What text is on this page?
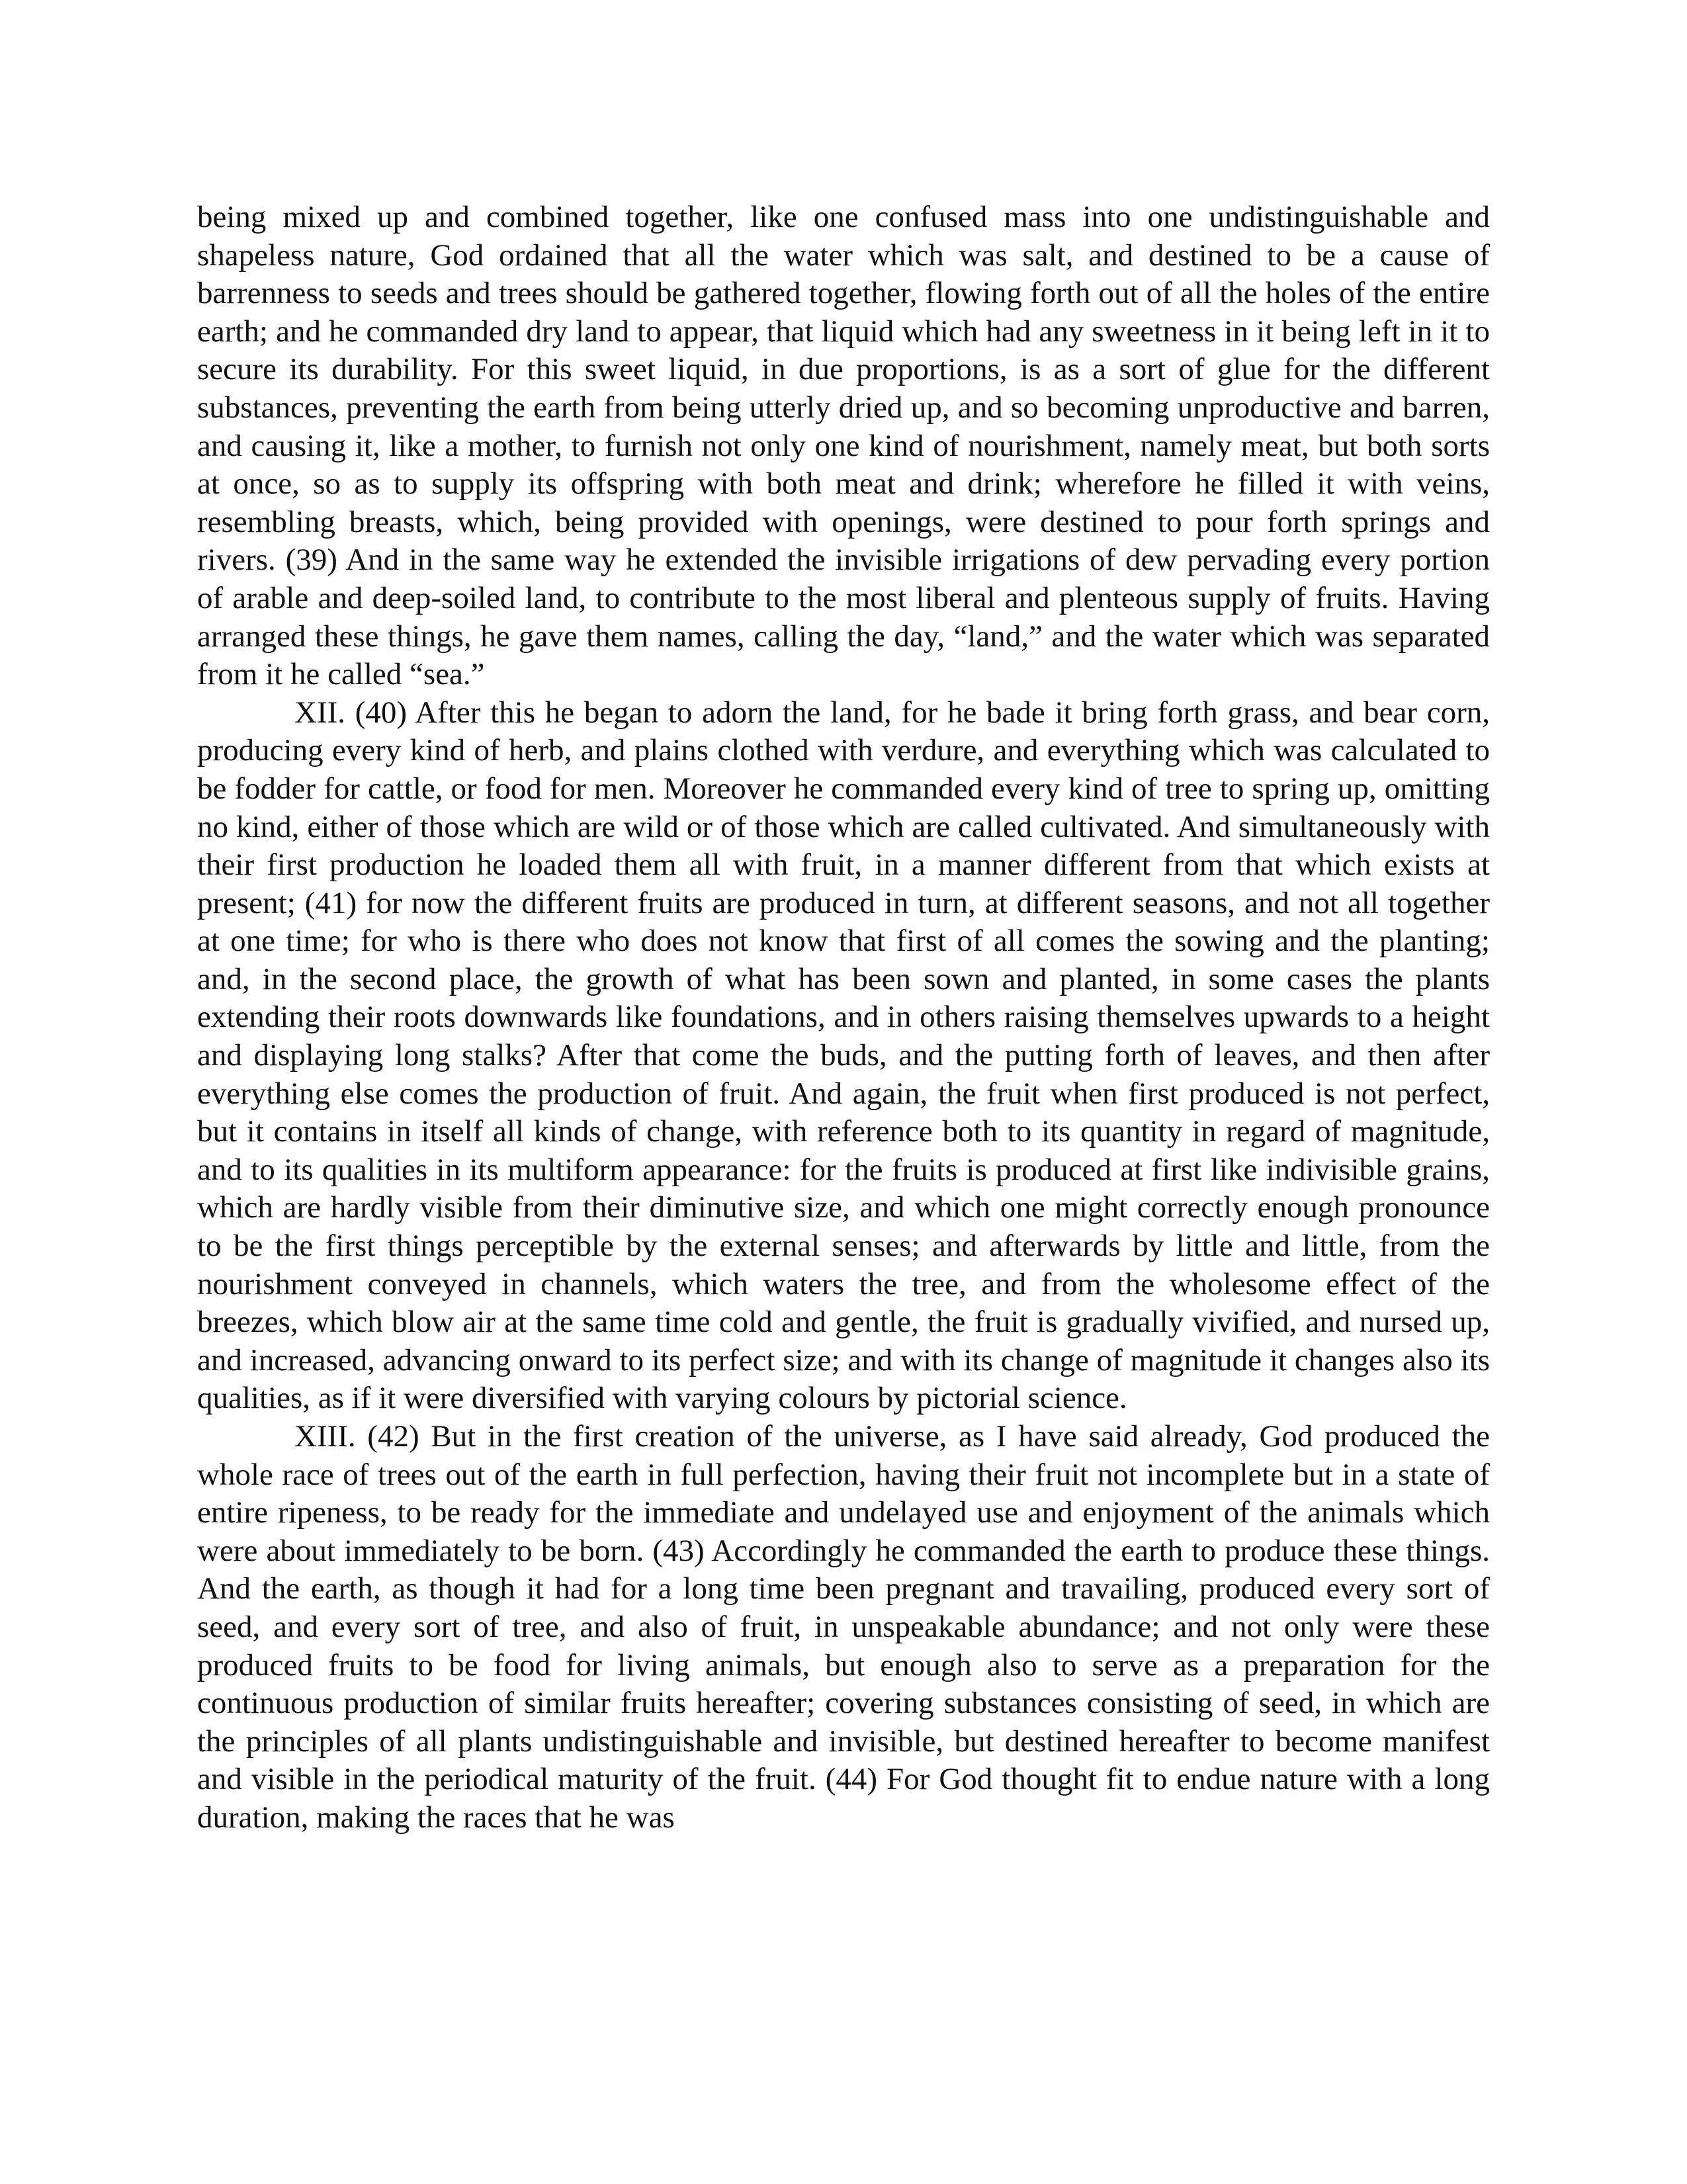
being mixed up and combined together, like one confused mass into one undistinguishable and shapeless nature, God ordained that all the water which was salt, and destined to be a cause of barrenness to seeds and trees should be gathered together, flowing forth out of all the holes of the entire earth; and he commanded dry land to appear, that liquid which had any sweetness in it being left in it to secure its durability. For this sweet liquid, in due proportions, is as a sort of glue for the different substances, preventing the earth from being utterly dried up, and so becoming unproductive and barren, and causing it, like a mother, to furnish not only one kind of nourishment, namely meat, but both sorts at once, so as to supply its offspring with both meat and drink; wherefore he filled it with veins, resembling breasts, which, being provided with openings, were destined to pour forth springs and rivers. (39) And in the same way he extended the invisible irrigations of dew pervading every portion of arable and deep-soiled land, to contribute to the most liberal and plenteous supply of fruits. Having arranged these things, he gave them names, calling the day, “land,” and the water which was separated from it he called “sea.”

XII. (40) After this he began to adorn the land, for he bade it bring forth grass, and bear corn, producing every kind of herb, and plains clothed with verdure, and everything which was calculated to be fodder for cattle, or food for men. Moreover he commanded every kind of tree to spring up, omitting no kind, either of those which are wild or of those which are called cultivated. And simultaneously with their first production he loaded them all with fruit, in a manner different from that which exists at present; (41) for now the different fruits are produced in turn, at different seasons, and not all together at one time; for who is there who does not know that first of all comes the sowing and the planting; and, in the second place, the growth of what has been sown and planted, in some cases the plants extending their roots downwards like foundations, and in others raising themselves upwards to a height and displaying long stalks? After that come the buds, and the putting forth of leaves, and then after everything else comes the production of fruit. And again, the fruit when first produced is not perfect, but it contains in itself all kinds of change, with reference both to its quantity in regard of magnitude, and to its qualities in its multiform appearance: for the fruits is produced at first like indivisible grains, which are hardly visible from their diminutive size, and which one might correctly enough pronounce to be the first things perceptible by the external senses; and afterwards by little and little, from the nourishment conveyed in channels, which waters the tree, and from the wholesome effect of the breezes, which blow air at the same time cold and gentle, the fruit is gradually vivified, and nursed up, and increased, advancing onward to its perfect size; and with its change of magnitude it changes also its qualities, as if it were diversified with varying colours by pictorial science.

XIII. (42) But in the first creation of the universe, as I have said already, God produced the whole race of trees out of the earth in full perfection, having their fruit not incomplete but in a state of entire ripeness, to be ready for the immediate and undelayed use and enjoyment of the animals which were about immediately to be born. (43) Accordingly he commanded the earth to produce these things. And the earth, as though it had for a long time been pregnant and travailing, produced every sort of seed, and every sort of tree, and also of fruit, in unspeakable abundance; and not only were these produced fruits to be food for living animals, but enough also to serve as a preparation for the continuous production of similar fruits hereafter; covering substances consisting of seed, in which are the principles of all plants undistinguishable and invisible, but destined hereafter to become manifest and visible in the periodical maturity of the fruit. (44) For God thought fit to endue nature with a long duration, making the races that he was
